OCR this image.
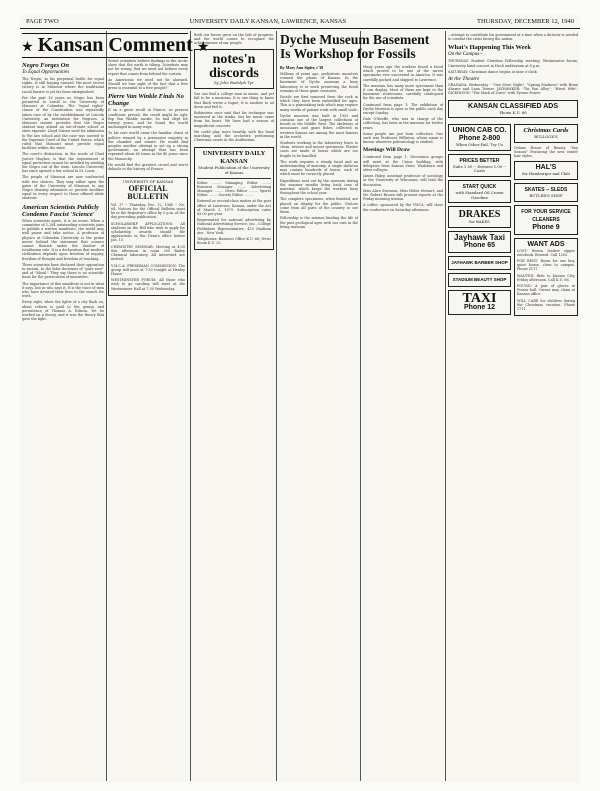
PAGE TWO	UNIVERSITY DAILY KANSAN, LAWRENCE, KANSAS	THURSDAY, DECEMBER 12, 1940
★ Kansan Comment ★
Negro Forges On
To Equal Opportunities

The Negro, in his perpetual battle for equal rights, is still forging onward. His most recent victory is in Missouri where the traditional racial barrier is yet far from extinguished.

For the past 16 years no Negro has been permitted to enroll in the University of Missouri at Columbia. The "equal rights" clause of the Constitution was repeatedly taken care of by the establishment of Lincoln University, an institution for Negroes. A Missouri statute provides that the Negro student may attend an out-of-state school at state expense. Lloyd Gaines sued for admission to the law school and the case was carried to the Supreme Court of the United States, which ruled that Missouri must provide equal facilities within the state.

The court's distinction, in the words of Chief Justice Hughes, is that the requirement of equal protection cannot be satisfied by sending the Negro out of the state. Lincoln University has since opened a law school in St. Louis.

The people of Missouri are now confronted with two choices. They may either open the gates of the University of Missouri to any Negro desiring admission or provide facilities equal in every respect to those offered white students.

American Scientists Publicly Condemn Fascist 'Science'

When scientists agree, it is an event. When a committee of 1,284 outstanding scientists joins to publish a written manifesto, the world may well pause and take notice. A professor of physics at Columbia University is the prime mover behind the statement that science cannot flourish under the shadow of totalitarian rule. It is a declaration that modern civilization depends upon freedom of inquiry, freedom of thought and freedom of teaching.

These scientists have declared their opposition to racism, to the false doctrines of "pure race" and of "blood." They say there is no scientific basis for the persecution of minorities.

The importance of this manifesto is not in what it says, but in who says it. It is the voice of men who have devoted their lives to the search for truth.

Every right, when the lights of a city flash on, about reform is paid to the genius and persistence of Thomas A. Edison. Yet he worked on a theory, and it was the theory that gave the light.

Soviet scientists believe findings in the Arctic show that the earth is tilting. Scientists may not be wrong. But we need not believe every report that comes from behind the curtain.

As Americans we need not be alarmed. Should we lose sight of the fact that a free press is essential to a free people?

Pierre Van Winkle Finds No Change

If on a given recall in France, as present conditions prevail, the result might be ugly. Rip Van Winkle awoke, he had slept for twenty years, and he found the world unchanged in many ways.

To his rare world came the familiar chant of politics swayed by a persuasive majority in the chamber and senate. He would find peoples another attempt to set up a strong government, an attempt that has been repeated about 60 times in the 40 years since the Monarchy.

He would find the greatest crowd and worst debacle in the history of France.

UNIVERSITY OF KANSAS
OFFICIAL BULLETIN

Vol. 37 -- Thursday, Dec. 12, 1940 -- No. 64. Notices for the Official Bulletin must be in the Registrar's office by 3 p.m. of the day preceding publication.

SCHOLARSHIP APPLICATIONS: All students on the Hill who wish to apply for scholarship awards should file applications in the Dean's office before Jan. 15.

CHEMISTRY SEMINAR: Meeting at 4:30 this afternoon in room 200 Bailey Chemical laboratory. All interested are invited.

Y.M.C.A. FRESHMAN COMMISSION: The group will meet at 7:30 tonight at Henley House.

WESTMINSTER FORUM: All those who wish to go caroling will meet at the Westminster Hall at 7:30 Wednesday.

Both our forces grow on the tide of progress, and the world comes to recognize the achievements of our people.

notes'n
discords
by John Rudolph Tyr

You can find a college man in music, and yet fail to be a musician. It is one thing to know that Bach wrote a fugue; it is another to sit down and feel it.

Rubinstein once said that his technique was mastered in the studio, but his music came from his heart. We have had a season of magnificent concerts.

We could play more heartily, with the band marching and the orchestra performing Christmas carols in the Auditorium.

UNIVERSITY DAILY KANSAN
Student Publication of the University of Kansas

Editor ........ Managing Editor ........ Business Manager ........ Advertising Manager ........ News Editor ........ Sports Editor ........ Society Editor ........

Entered as second-class matter at the post office at Lawrence, Kansas, under the Act of March 3, 1879. Subscription rates $3.00 per year.

Represented for national advertising by National Advertising Service, Inc., College Publishers Representative, 420 Madison Ave., New York.

Telephones: Business Office K.U. 66; News Room K.U. 25.

Dyche Museum Basement Is Workshop for Fossils
By Mary Ann Sipler, c'39

Millions of years ago, prehistoric monsters roamed the plains of Kansas. In the basement of Dyche museum a busy laboratory is at work preserving the fossil remains of these giant creatures.

Fossils are first removed from the rock in which they have been embedded for ages. This is a painstaking task which may require many weeks of patient work with small tools.

Dyche museum was built in 1903 and contains one of the largest collections of fossils in the Middle West. The skeletons of mosasaurs and giant fishes collected in western Kansas are among the most famous in the world.

Students working in the laboratory learn to clean, restore and mount specimens. Plaster casts are made of bones which are too fragile to be handled.

The work requires a steady hand and an understanding of anatomy. A single skeleton may contain hundreds of bones, each of which must be correctly placed.

Expeditions sent out by the museum during the summer months bring back tons of material, which keeps the workers busy throughout the school year.

The complete specimens, when finished, are placed on display for the public. Visitors come from all parts of the country to see them.

Fellowship is the mission binding the life of the past geological ages with our own in the living museum.

Many years ago the workers found a fossil which proved to be one of the rarest specimens ever uncovered in America. It was carefully packed and shipped to Lawrence.

The museum has many more specimens than it can display. Most of them are kept in the basement storerooms, carefully catalogued for the use of scientists.

Continued from page 1: The exhibition of Dyche Museum is open to the public each day except Sunday.

Dale O'Keeffe, who was in charge of the collecting, has been in the museum for twelve years.

Some people are just born collectors. One such was Professor Williston, whose name is known wherever paleontology is studied.

Meetings Will Draw

Continued from page 1. Discussion groups will meet at the Union building, with delegates from Kansas State, Washburn and other colleges.

James Haley, assistant professor of sociology at the University of Wisconsin, will lead the discussion.

Miss Alice Swenson, Miss Helen Stewart, and Mr. Robert Brown will present reports at the Friday morning session.

A coffee, sponsored by the YWCA, will close the conference on Saturday afternoon.

...attempt to contribute his government at a time when a dictator is needed to combat the crisis facing the nation.

What's Happening This Week
On the Campus--

THURSDAY: Student Christian Fellowship meeting; Westminster forum; University band concert in Hoch auditorium at 8 p.m.

SATURDAY: Christmas dance begins at nine o'clock.

At the Theatre

GRANADA: Wednesday - "One More Night"; "Spring Madness" with Brian Aherne and Lana Turner. JAYHAWKER: "Tin Pan Alley"; "Hired Wife". DICKINSON: "The Mark of Zorro" with Tyrone Power.

KANSAN CLASSIFIED ADS
Phone K.U. 66
UNION CAB CO.
Phone 2-800
When Other Fail, Try Us
PRICES BETTER
Suits 1.50 -- Dresses 1.00 -- Coats
START QUICK
with Standard Oil Crown Gasoline
DRAKES
for BAKES
Jayhawk Taxi
Phone 65
JAYHAWK BARBER SHOP
STADIUM BEAUTY SHOP
TAXI
Phone 12
Christmas Cards
BULLOCK'S

Deluxe House of Beauty "Say Season" Featuring the new winter hair styles.

HAL'S
for Hamburger and Chili
SKATES -- SLEDS
BUTLER'S SHOP
FOR YOUR SERVICE CLEANERS
Phone 9
WANT ADS

LOST: Brown leather zipper notebook. Reward. Call 1265.

FOR RENT: Room for one boy, quiet house, close to campus. Phone 2117.

WANTED: Ride to Kansas City, Friday afternoon. Call K.U. 66.

FOUND: A pair of gloves in Fraser hall. Owner may claim at Kansan office.

WILL CARE for children during the Christmas vacation. Phone 1711.
